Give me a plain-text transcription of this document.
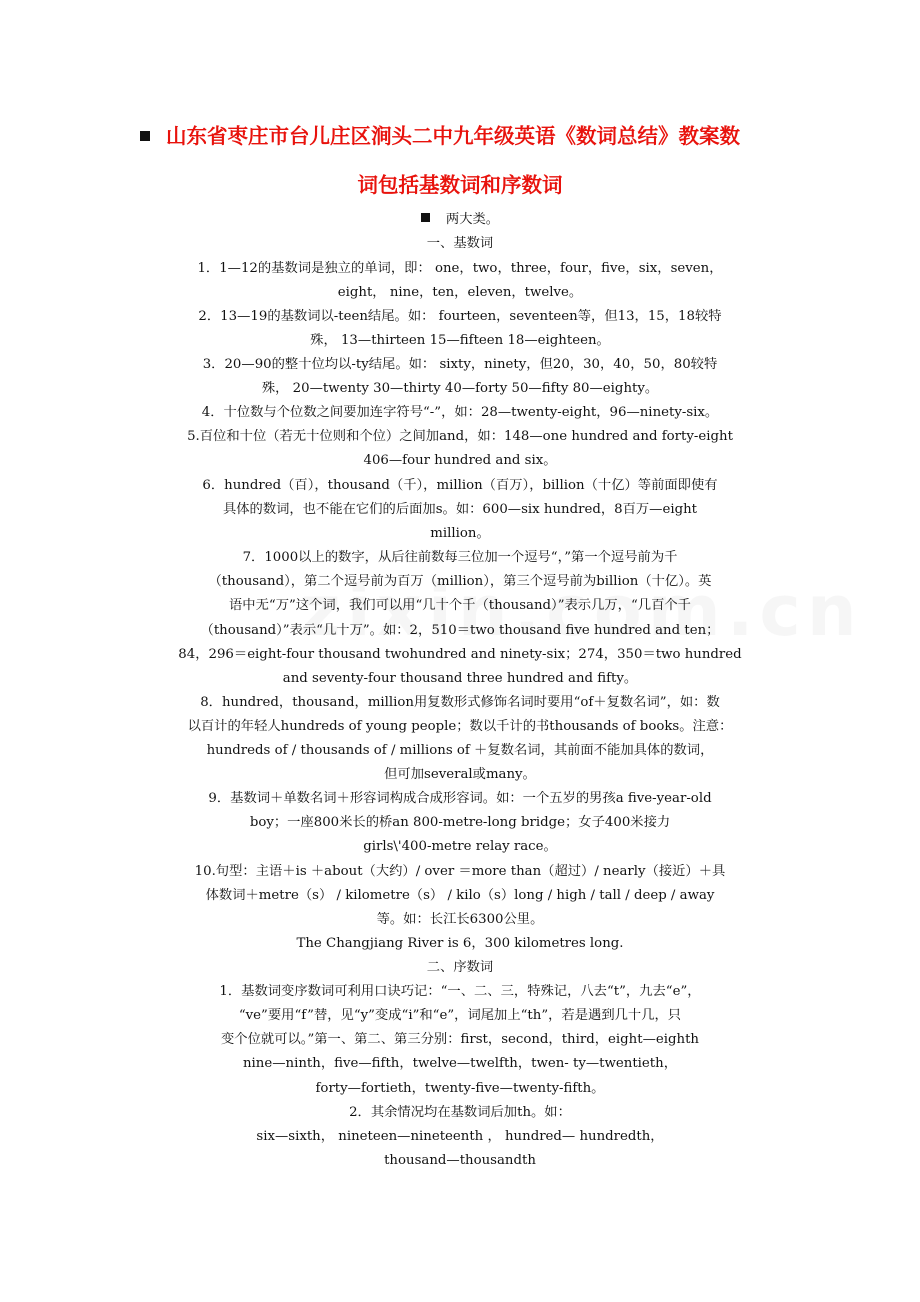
山东省枣庄市台儿庄区涧头二中九年级英语《数词总结》教案数
词包括基数词和序数词
两大类。
一、基数词
1．1—12的基数词是独立的单词，即： one，two，three，four，five，six，seven，
eight， nine，ten，eleven，twelve。
2．13—19的基数词以-teen结尾。如： fourteen，seventeen等，但13，15，18较特
殊， 13—thirteen 15—fifteen 18—eighteen。
3．20—90的整十位均以-ty结尾。如： sixty，ninety，但20，30，40，50，80较特
殊， 20—twenty 30—thirty 40—forty 50—fifty 80—eighty。
4．十位数与个位数之间要加连字符号“-”，如：28—twenty-eight，96—ninety-six。
5.百位和十位（若无十位则和个位）之间加and，如：148—one hundred and forty-eight
406—four hundred and six。
6．hundred（百），thousand（千），million（百万），billion（十亿）等前面即使有
具体的数词，也不能在它们的后面加s。如：600—six hundred，8百万—eight
million。
7．1000以上的数字，从后往前数每三位加一个逗号“，”第一个逗号前为千
（thousand），第二个逗号前为百万（million），第三个逗号前为billion（十亿）。英
语中无“万”这个词，我们可以用“几十个千（thousand）”表示几万，“几百个千
（thousand）”表示“几十万”。如：2，510＝two thousand five hundred and ten；
84，296＝eight-four thousand twohundred and ninety-six；274，350＝two hundred
and seventy-four thousand three hundred and fifty。
8．hundred，thousand，million用复数形式修饰名词时要用“of＋复数名词”，如：数
以百计的年轻人hundreds of young people；数以千计的书thousands of books。注意：
hundreds of / thousands of / millions of ＋复数名词，其前面不能加具体的数词，
但可加several或many。
9．基数词＋单数名词＋形容词构成合成形容词。如：一个五岁的男孩a five-year-old
boy；一座800米长的桥an 800-metre-long bridge；女子400米接力
girls\'400-metre relay race。
10.句型：主语＋is ＋about（大约）/ over ＝more than（超过）/ nearly（接近）＋具
体数词＋metre（s） / kilometre（s） / kilo（s）long / high / tall / deep / away
等。如：长江长6300公里。
The Changjiang River is 6，300 kilometres long.
二、序数词
1．基数词变序数词可利用口诀巧记：“一、二、三，特殊记，八去“t”，九去“e”，
“ve”要用“f”替，见“y”变成“i”和“e”，词尾加上“th”，若是遇到几十几，只
变个位就可以。”第一、第二、第三分别：first，second，third，eight—eighth
nine—ninth，five—fifth，twelve—twelfth，twen- ty—twentieth，
forty—fortieth，twenty-five—twenty-fifth。
2．其余情况均在基数词后加th。如：
six—sixth， nineteen—nineteenth ， hundred— hundredth，
thousand—thousandth
